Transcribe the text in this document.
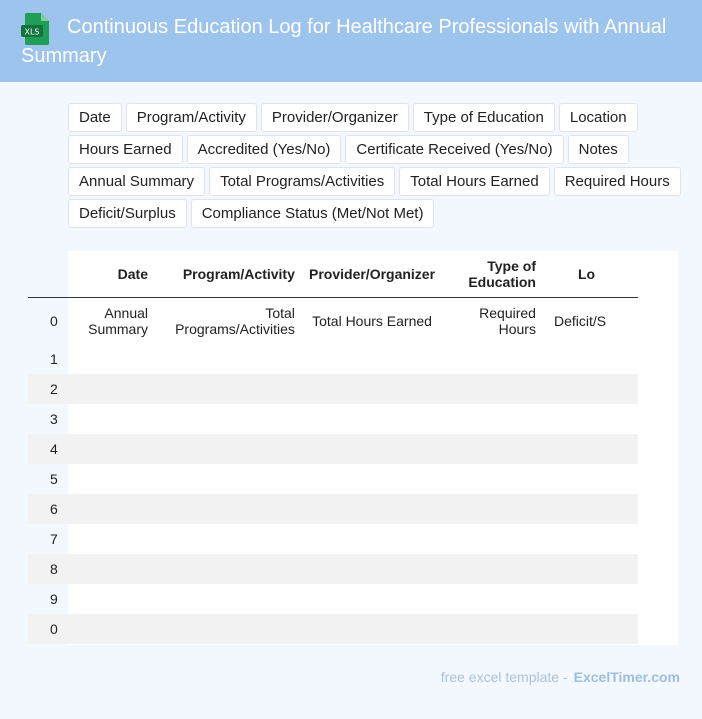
XLS	Continuous Education Log for Healthcare Professionals with Annual Summary
Date	Program/Activity	Provider/Organizer	Type of Education	Location
Hours Earned	Accredited (Yes/No)	Certificate Received (Yes/No)	Notes
Annual Summary	Total Programs/Activities	Total Hours Earned	Required Hours
Deficit/Surplus	Compliance Status (Met/Not Met)
	Date	Program/Activity	Provider/Organizer	Type of Education	Lo
0	Annual Summary	Total Programs/Activities	Total Hours Earned	Required Hours	Deficit/S
1					
2					
3					
4					
5					
6					
7					
8					
9					
0					
free excel template - ExcelTimer.com
